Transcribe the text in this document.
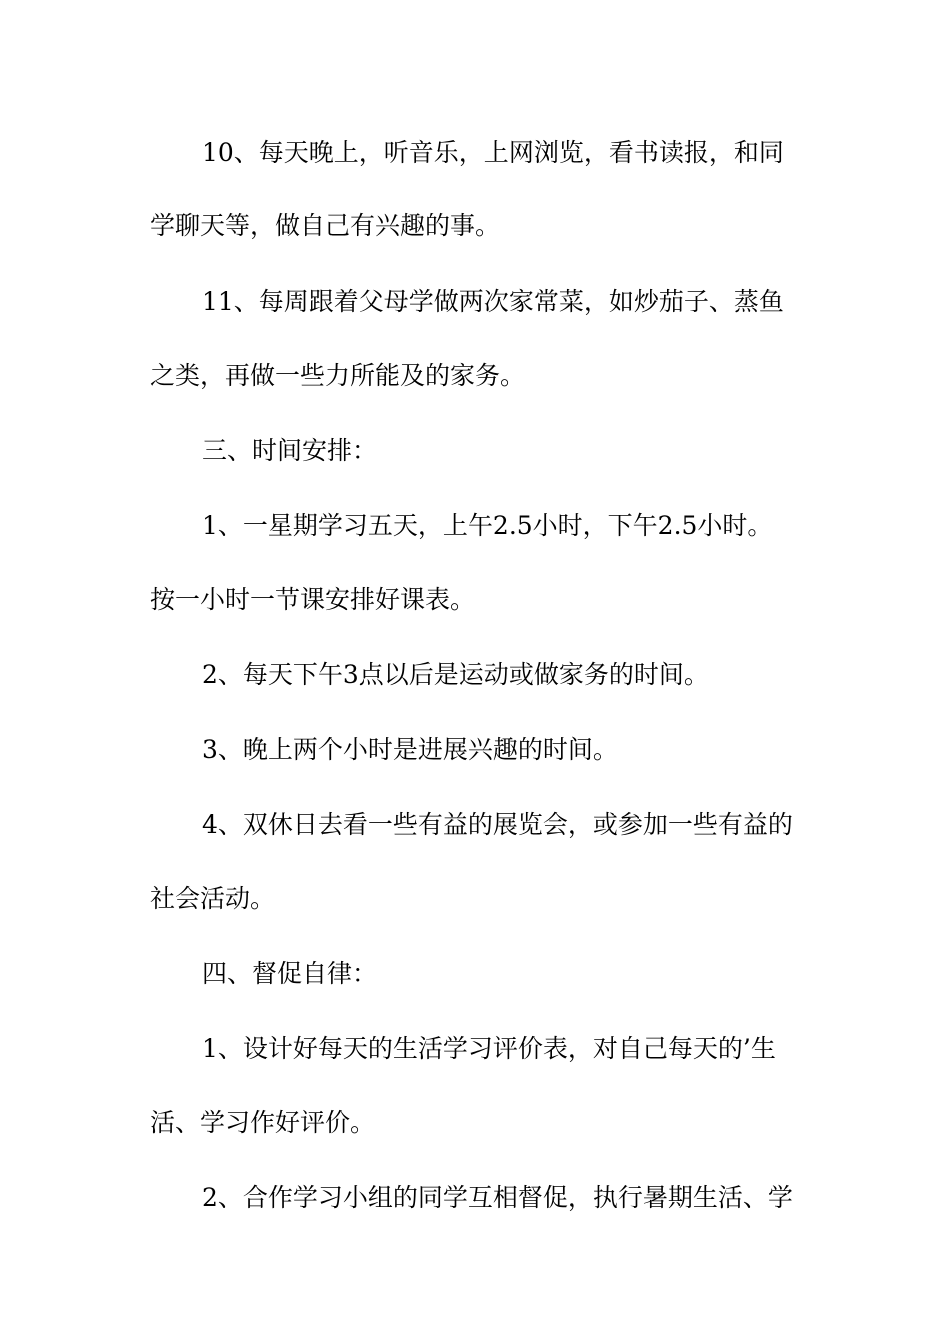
10、每天晚上，听音乐，上网浏览，看书读报，和同
学聊天等，做自己有兴趣的事。
11、每周跟着父母学做两次家常菜，如炒茄子、蒸鱼
之类，再做一些力所能及的家务。
三、时间安排：
1、一星期学习五天，上午2.5小时，下午2.5小时。
按一小时一节课安排好课表。
2、每天下午3点以后是运动或做家务的时间。
3、晚上两个小时是进展兴趣的时间。
4、双休日去看一些有益的展览会，或参加一些有益的
社会活动。
四、督促自律：
1、设计好每天的生活学习评价表，对自己每天的’生
活、学习作好评价。
2、合作学习小组的同学互相督促，执行暑期生活、学
